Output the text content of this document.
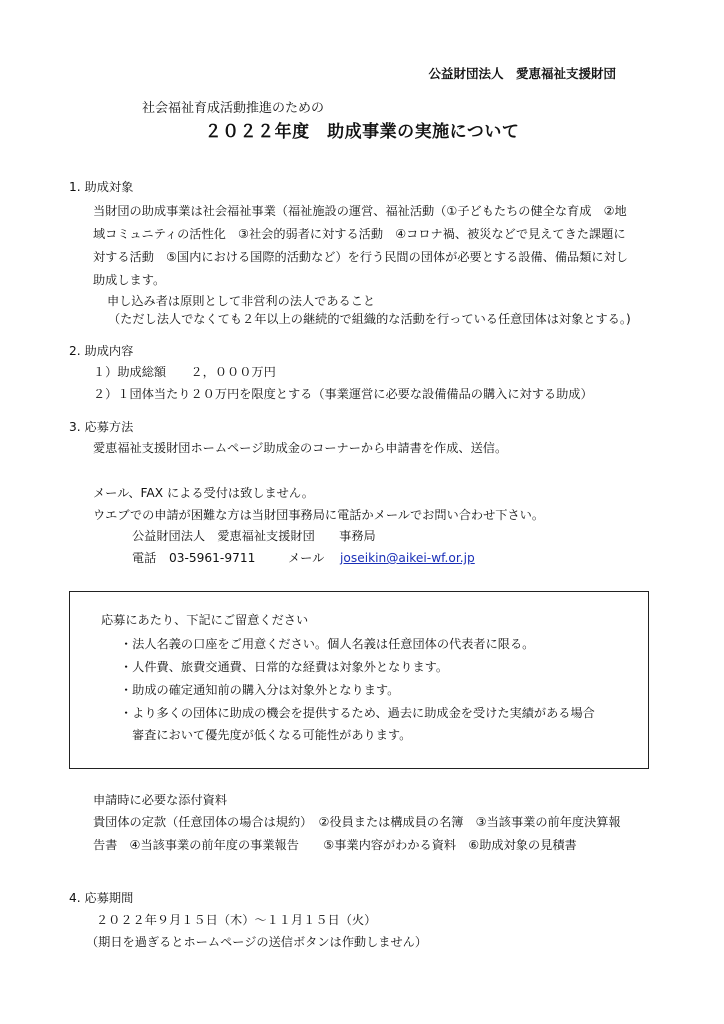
公益財団法人　愛恵福祉支援財団
社会福祉育成活動推進のための
２０２２年度　助成事業の実施について
1. 助成対象
当財団の助成事業は社会福祉事業（福祉施設の運営、福祉活動（①子どもたちの健全な育成　②地
域コミュニティの活性化　③社会的弱者に対する活動　④コロナ禍、被災などで見えてきた課題に
対する活動　⑤国内における国際的活動など）を行う民間の団体が必要とする設備、備品類に対し
助成します。
申し込み者は原則として非営利の法人であること
（ただし法人でなくても２年以上の継続的で組織的な活動を行っている任意団体は対象とする。)
2. 助成内容
１）助成総額　　２，０００万円
２）１団体当たり２０万円を限度とする（事業運営に必要な設備備品の購入に対する助成）
3. 応募方法
愛恵福祉支援財団ホームページ助成金のコーナーから申請書を作成、送信。
メール、FAX による受付は致しません。
ウエブでの申請が困難な方は当財団事務局に電話かメールでお問い合わせ下さい。
公益財団法人　愛恵福祉支援財団　　事務局
電話 03-5961-9711	メール joseikin@aikei-wf.or.jp
応募にあたり、下記にご留意ください
・法人名義の口座をご用意ください。個人名義は任意団体の代表者に限る。
・人件費、旅費交通費、日常的な経費は対象外となります。
・助成の確定通知前の購入分は対象外となります。
・より多くの団体に助成の機会を提供するため、過去に助成金を受けた実績がある場合
審査において優先度が低くなる可能性があります。
申請時に必要な添付資料
貴団体の定款（任意団体の場合は規約）　②役員または構成員の名簿　③当該事業の前年度決算報
告書　④当該事業の前年度の事業報告　　⑤事業内容がわかる資料　⑥助成対象の見積書
4. 応募期間
２０２２年９月１５日（木）～１１月１５日（火）
（期日を過ぎるとホームページの送信ボタンは作動しません）
